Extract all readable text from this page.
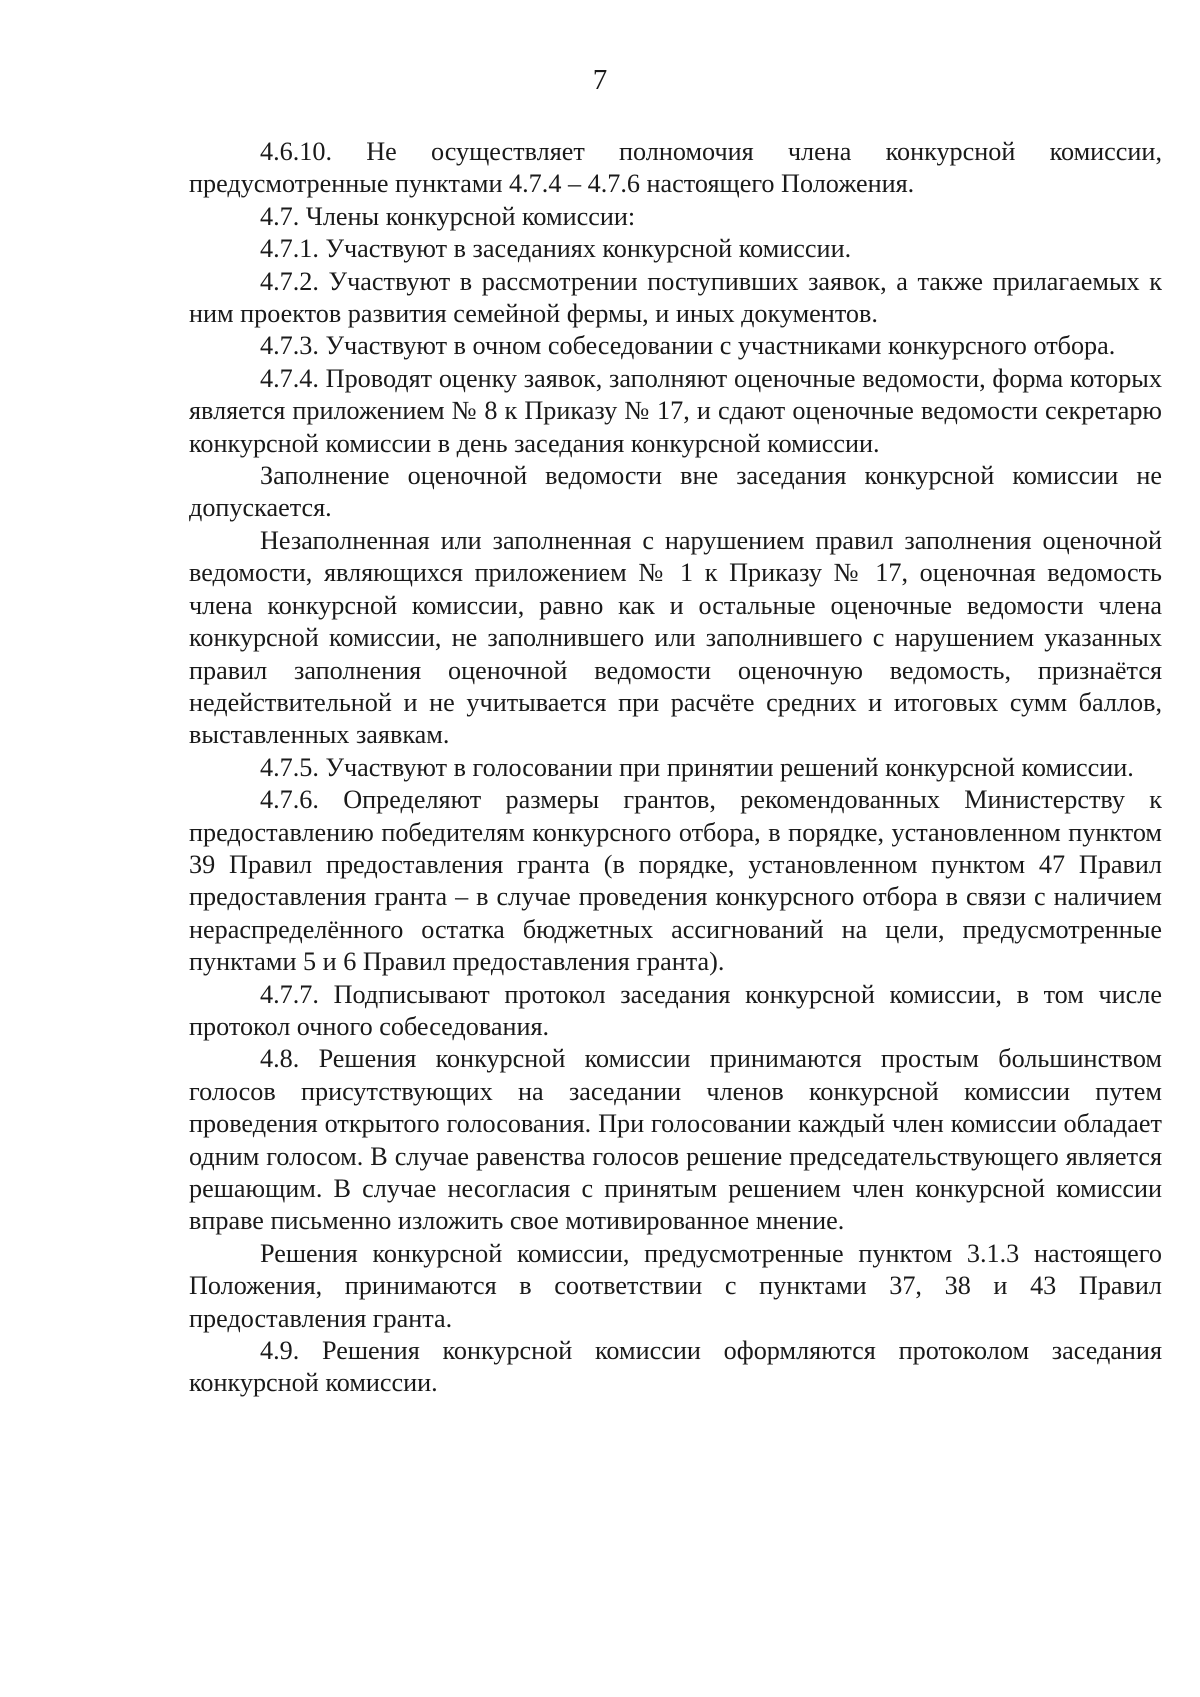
7

4.6.10. Не осуществляет полномочия члена конкурсной комиссии, предусмотренные пунктами 4.7.4 – 4.7.6 настоящего Положения.

4.7. Члены конкурсной комиссии:

4.7.1. Участвуют в заседаниях конкурсной комиссии.

4.7.2. Участвуют в рассмотрении поступивших заявок, а также прилагаемых к ним проектов развития семейной фермы, и иных документов.

4.7.3. Участвуют в очном собеседовании с участниками конкурсного отбора.

4.7.4. Проводят оценку заявок, заполняют оценочные ведомости, форма которых является приложением № 8 к Приказу № 17, и сдают оценочные ведомости секретарю конкурсной комиссии в день заседания конкурсной комиссии.

Заполнение оценочной ведомости вне заседания конкурсной комиссии не допускается.

Незаполненная или заполненная с нарушением правил заполнения оценочной ведомости, являющихся приложением № 1 к Приказу № 17, оценочная ведомость члена конкурсной комиссии, равно как и остальные оценочные ведомости члена конкурсной комиссии, не заполнившего или заполнившего с нарушением указанных правил заполнения оценочной ведомости оценочную ведомость, признаётся недействительной и не учитывается при расчёте средних и итоговых сумм баллов, выставленных заявкам.

4.7.5. Участвуют в голосовании при принятии решений конкурсной комиссии.

4.7.6. Определяют размеры грантов, рекомендованных Министерству к предоставлению победителям конкурсного отбора, в порядке, установленном пунктом 39 Правил предоставления гранта (в порядке, установленном пунктом 47 Правил предоставления гранта – в случае проведения конкурсного отбора в связи с наличием нераспределённого остатка бюджетных ассигнований на цели, предусмотренные пунктами 5 и 6 Правил предоставления гранта).

4.7.7. Подписывают протокол заседания конкурсной комиссии, в том числе протокол очного собеседования.

4.8. Решения конкурсной комиссии принимаются простым большинством голосов присутствующих на заседании членов конкурсной комиссии путем проведения открытого голосования. При голосовании каждый член комиссии обладает одним голосом. В случае равенства голосов решение председательствующего является решающим. В случае несогласия с принятым решением член конкурсной комиссии вправе письменно изложить свое мотивированное мнение.

Решения конкурсной комиссии, предусмотренные пунктом 3.1.3 настоящего Положения, принимаются в соответствии с пунктами 37, 38 и 43 Правил предоставления гранта.

4.9. Решения конкурсной комиссии оформляются протоколом заседания конкурсной комиссии.
